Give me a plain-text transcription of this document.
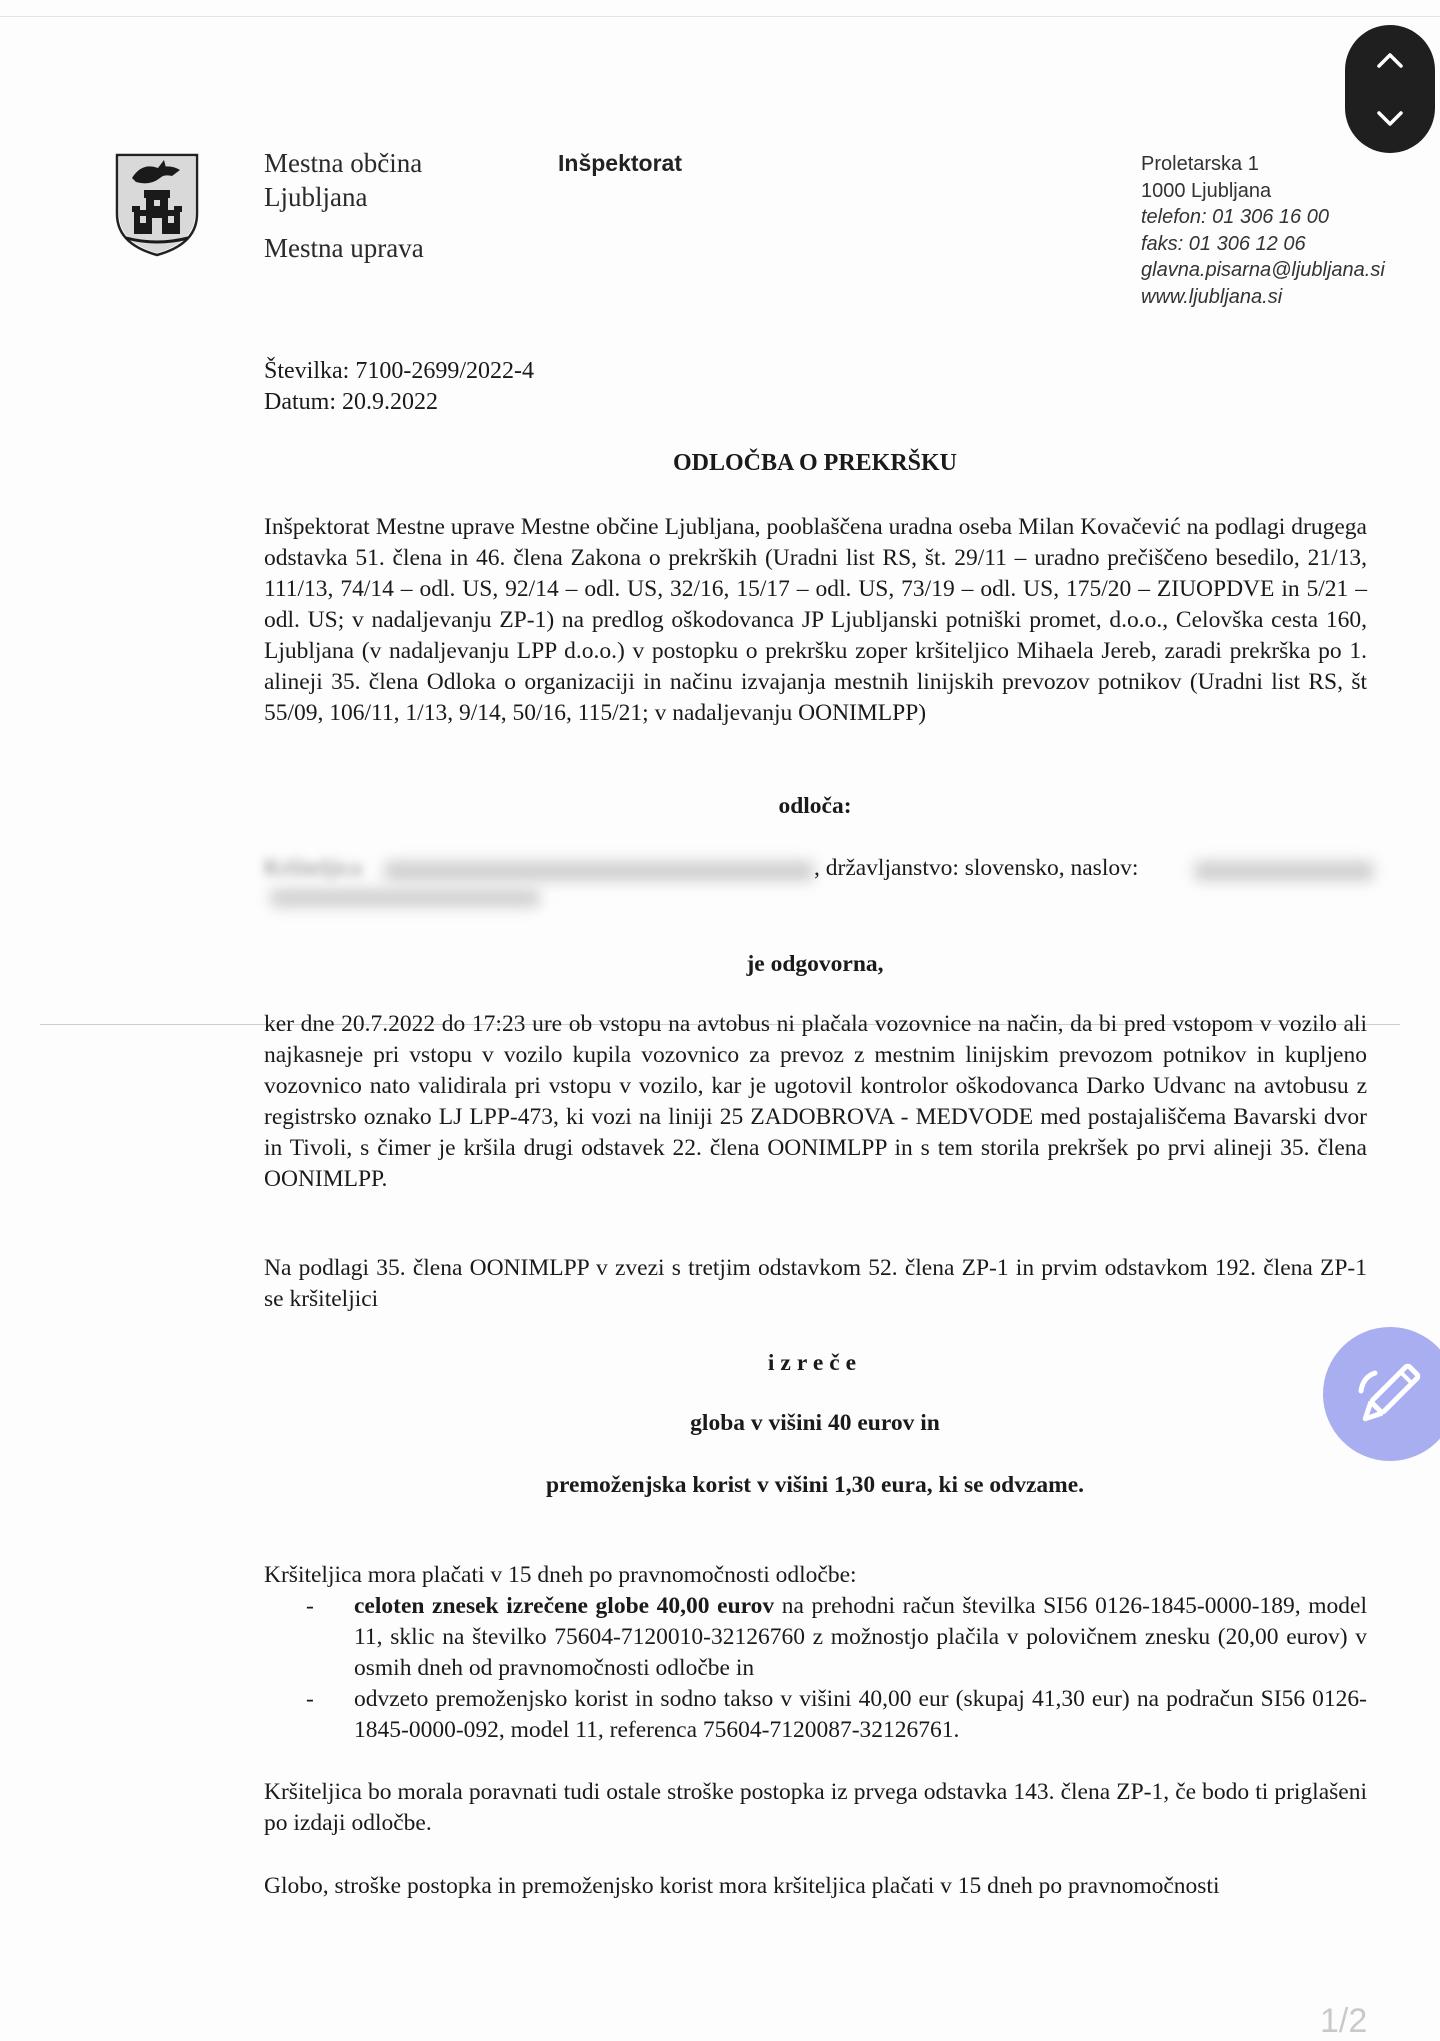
Mestna občina
Ljubljana
Mestna uprava
Inšpektorat	Proletarska 1
1000 Ljubljana
telefon: 01 306 16 00
faks: 01 306 12 06
glavna.pisarna@ljubljana.si
www.ljubljana.si
Številka: 7100-2699/2022-4
Datum: 20.9.2022
ODLOČBA O PREKRŠKU
Inšpektorat Mestne uprave Mestne občine Ljubljana, pooblaščena uradna oseba Milan Kovačević na podlagi drugega odstavka 51. člena in 46. člena Zakona o prekrških (Uradni list RS, št. 29/11 – uradno prečiščeno besedilo, 21/13, 111/13, 74/14 – odl. US, 92/14 – odl. US, 32/16, 15/17 – odl. US, 73/19 – odl. US, 175/20 – ZIUOPDVE in 5/21 – odl. US; v nadaljevanju ZP-1) na predlog oškodovanca JP Ljubljanski potniški promet, d.o.o., Celovška cesta 160, Ljubljana (v nadaljevanju LPP d.o.o.) v postopku o prekršku zoper kršiteljico Mihaela Jereb, zaradi prekrška po 1. alineji 35. člena Odloka o organizaciji in načinu izvajanja mestnih linijskih prevozov potnikov (Uradni list RS, št 55/09, 106/11, 1/13, 9/14, 50/16, 115/21; v nadaljevanju OONIMLPP)
odloča:
Kršiteljica	, državljanstvo: slovensko, naslov:
je odgovorna,
ker dne 20.7.2022 do 17:23 ure ob vstopu na avtobus ni plačala vozovnice na način, da bi pred vstopom v vozilo ali najkasneje pri vstopu v vozilo kupila vozovnico za prevoz z mestnim linijskim prevozom potnikov in kupljeno vozovnico nato validirala pri vstopu v vozilo, kar je ugotovil kontrolor oškodovanca Darko Udvanc na avtobusu z registrsko oznako LJ LPP-473, ki vozi na liniji 25 ZADOBROVA - MEDVODE med postajališčema Bavarski dvor in Tivoli, s čimer je kršila drugi odstavek 22. člena OONIMLPP in s tem storila prekršek po prvi alineji 35. člena OONIMLPP.
Na podlagi 35. člena OONIMLPP v zvezi s tretjim odstavkom 52. člena ZP-1 in prvim odstavkom 192. člena ZP-1 se kršiteljici
izreče
globa v višini 40 eurov in
premoženjska korist v višini 1,30 eura, ki se odvzame.
Kršiteljica mora plačati v 15 dneh po pravnomočnosti odločbe:
- celoten znesek izrečene globe 40,00 eurov na prehodni račun številka SI56 0126-1845-0000-189, model 11, sklic na številko 75604-7120010-32126760 z možnostjo plačila v polovičnem znesku (20,00 eurov) v osmih dneh od pravnomočnosti odločbe in
- odvzeto premoženjsko korist in sodno takso v višini 40,00 eur (skupaj 41,30 eur) na podračun SI56 0126-1845-0000-092, model 11, referenca 75604-7120087-32126761.
Kršiteljica bo morala poravnati tudi ostale stroške postopka iz prvega odstavka 143. člena ZP-1, če bodo ti priglašeni po izdaji odločbe.
Globo, stroške postopka in premoženjsko korist mora kršiteljica plačati v 15 dneh po pravnomočnosti
1/2
